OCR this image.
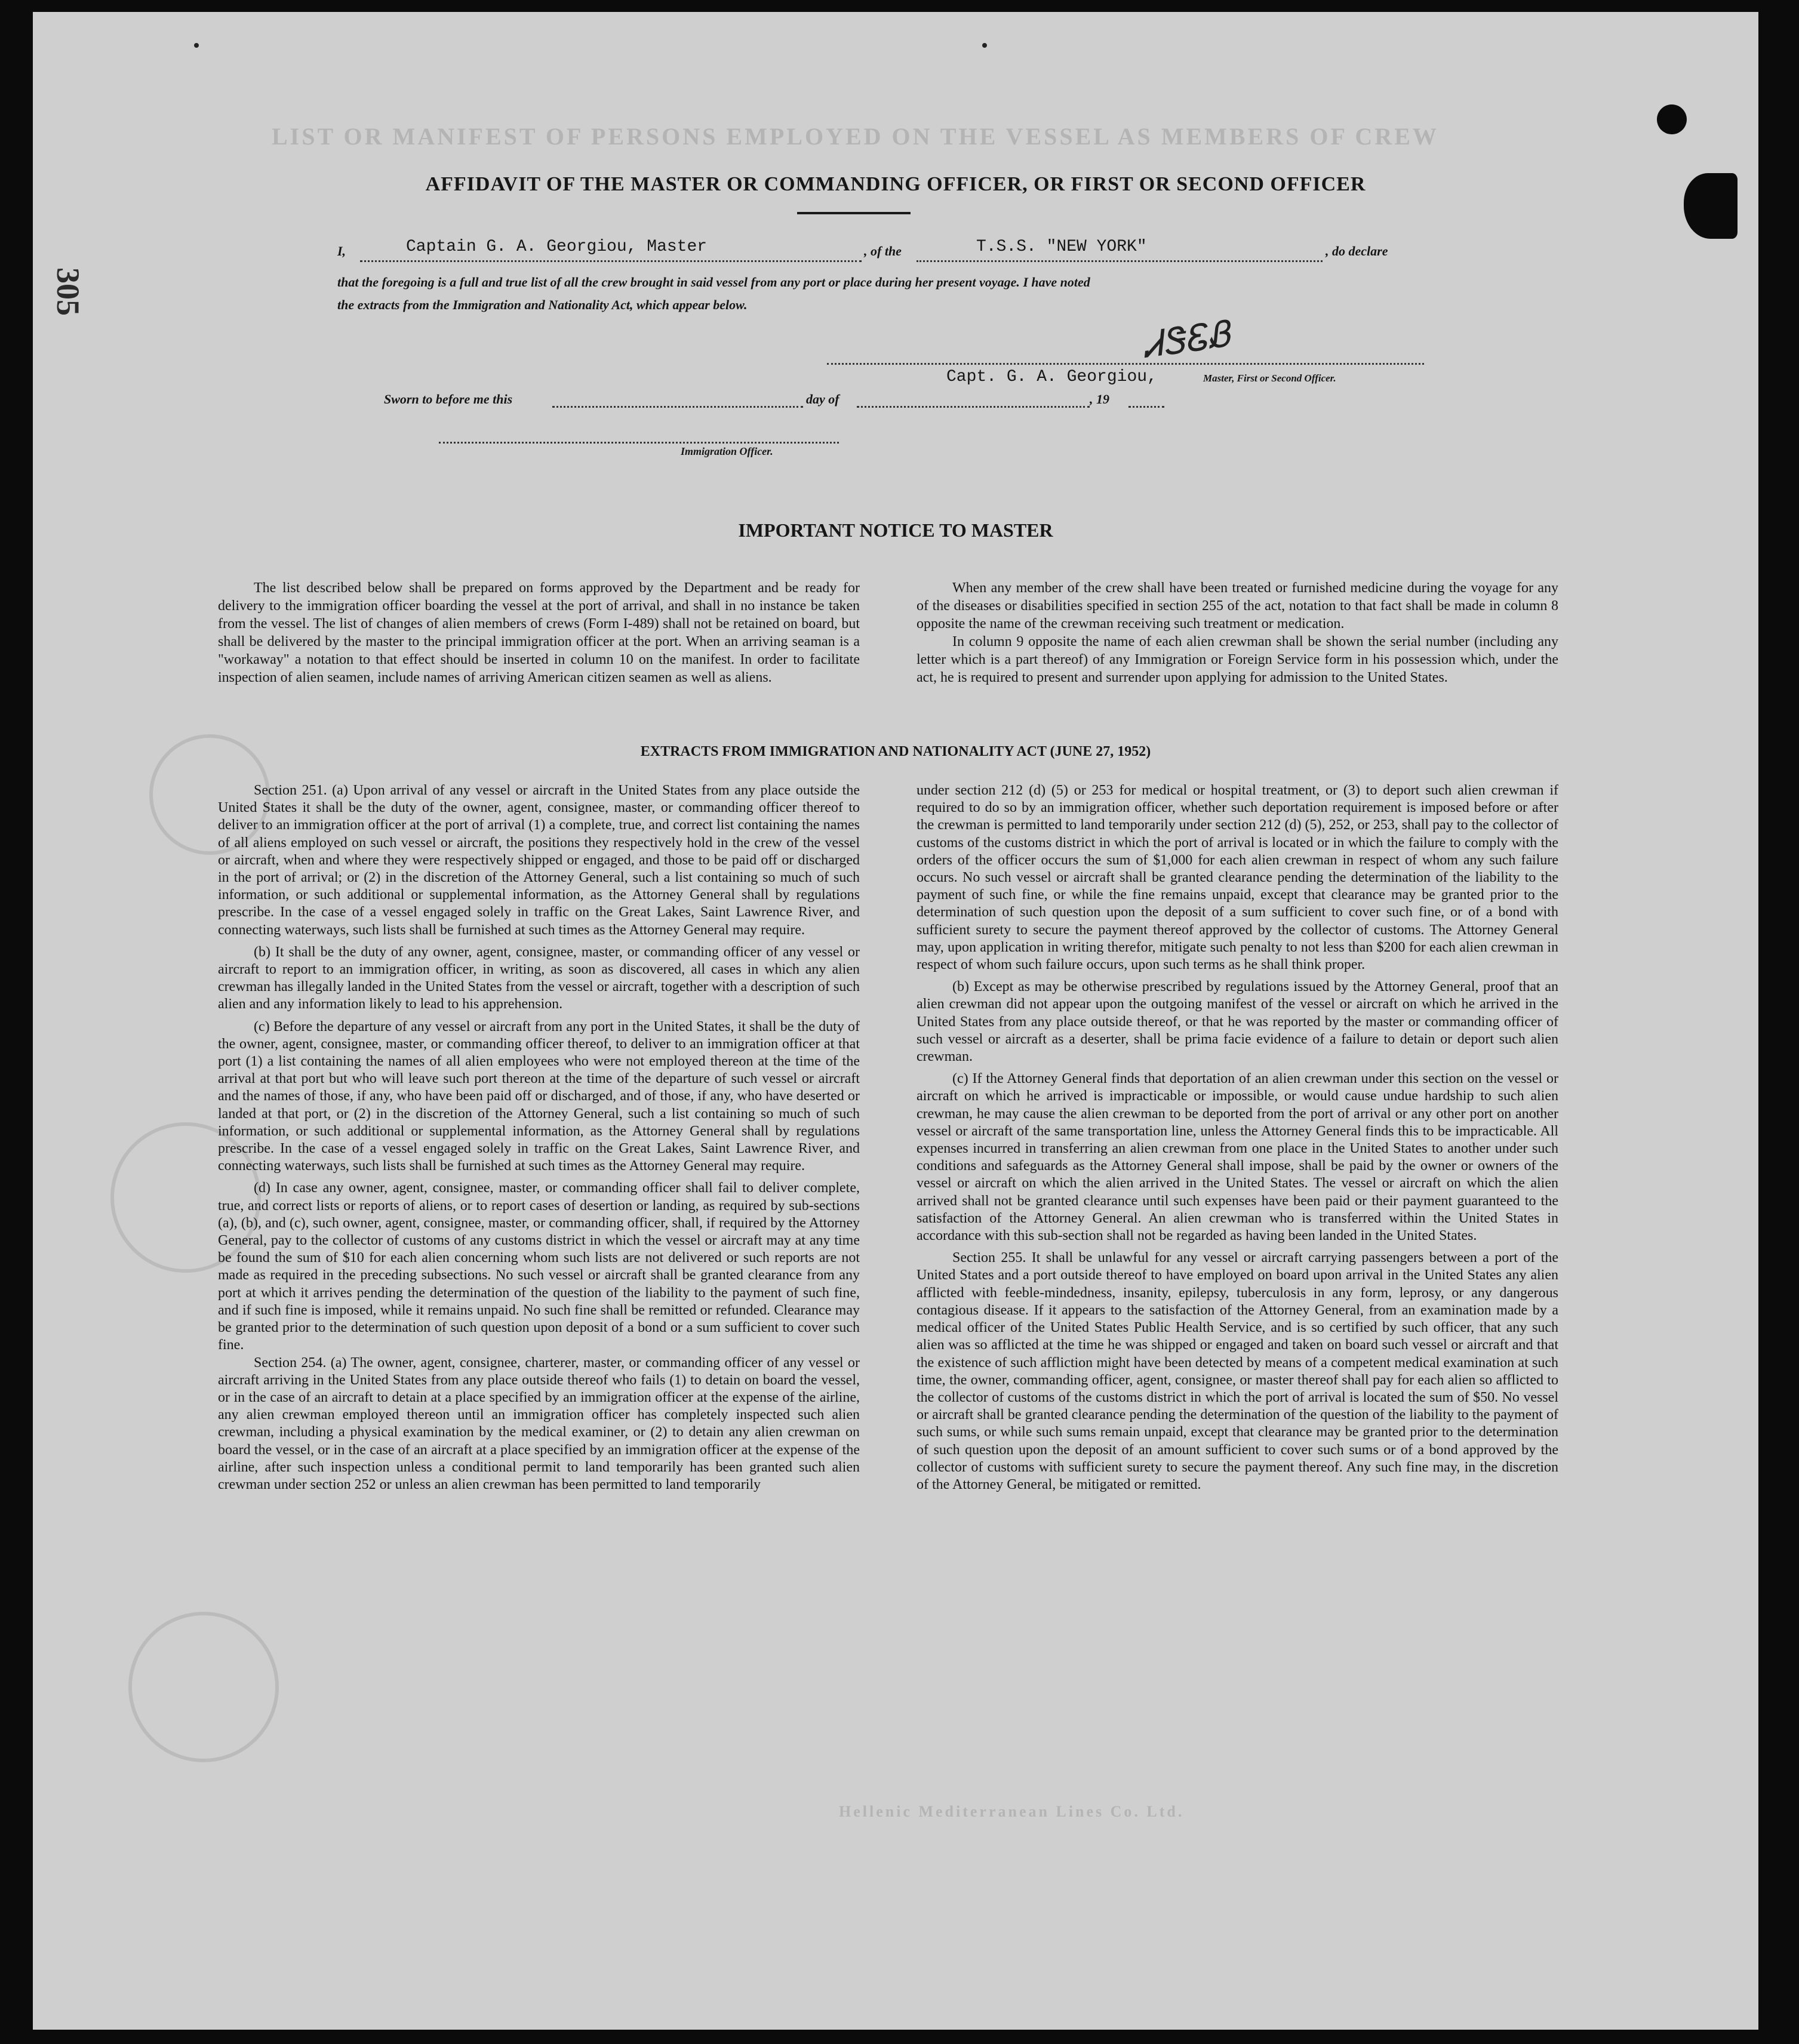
LIST OR MANIFEST OF PERSONS EMPLOYED ON THE VESSEL AS MEMBERS OF CREW
305
AFFIDAVIT OF THE MASTER OR COMMANDING OFFICER, OR FIRST OR SECOND OFFICER
I,	Captain G. A. Georgiou, Master	, of the	T.S.S. "NEW YORK"	, do declare
that the foregoing is a full and true list of all the crew brought in said vessel from any port or place during her present voyage. I have noted
the extracts from the Immigration and Nationality Act, which appear below.
ᏗᏕᏋᏰ
Capt. G. A. Georgiou,	Master, First or Second Officer.
Sworn to before me this	day of	, 19
Immigration Officer.
IMPORTANT NOTICE TO MASTER

The list described below shall be prepared on forms approved by the Department and be ready for delivery to the immigration officer boarding the vessel at the port of arrival, and shall in no instance be taken from the vessel. The list of changes of alien members of crews (Form I-489) shall not be retained on board, but shall be delivered by the master to the principal immigration officer at the port. When an arriving seaman is a "workaway" a notation to that effect should be inserted in column 10 on the manifest. In order to facilitate inspection of alien seamen, include names of arriving American citizen seamen as well as aliens.

When any member of the crew shall have been treated or furnished medicine during the voyage for any of the diseases or disabilities specified in section 255 of the act, notation to that fact shall be made in column 8 opposite the name of the crewman receiving such treatment or medication.

In column 9 opposite the name of each alien crewman shall be shown the serial number (including any letter which is a part thereof) of any Immigration or Foreign Service form in his possession which, under the act, he is required to present and surrender upon applying for admission to the United States.

EXTRACTS FROM IMMIGRATION AND NATIONALITY ACT (JUNE 27, 1952)

Section 251. (a) Upon arrival of any vessel or aircraft in the United States from any place outside the United States it shall be the duty of the owner, agent, consignee, master, or commanding officer thereof to deliver to an immigration officer at the port of arrival (1) a complete, true, and correct list containing the names of all aliens employed on such vessel or aircraft, the positions they respectively hold in the crew of the vessel or aircraft, when and where they were respectively shipped or engaged, and those to be paid off or discharged in the port of arrival; or (2) in the discretion of the Attorney General, such a list containing so much of such information, or such additional or supplemental information, as the Attorney General shall by regulations prescribe. In the case of a vessel engaged solely in traffic on the Great Lakes, Saint Lawrence River, and connecting waterways, such lists shall be furnished at such times as the Attorney General may require.

(b) It shall be the duty of any owner, agent, consignee, master, or commanding officer of any vessel or aircraft to report to an immigration officer, in writing, as soon as discovered, all cases in which any alien crewman has illegally landed in the United States from the vessel or aircraft, together with a description of such alien and any information likely to lead to his apprehension.

(c) Before the departure of any vessel or aircraft from any port in the United States, it shall be the duty of the owner, agent, consignee, master, or commanding officer thereof, to deliver to an immigration officer at that port (1) a list containing the names of all alien employees who were not employed thereon at the time of the arrival at that port but who will leave such port thereon at the time of the departure of such vessel or aircraft and the names of those, if any, who have been paid off or discharged, and of those, if any, who have deserted or landed at that port, or (2) in the discretion of the Attorney General, such a list containing so much of such information, or such additional or supplemental information, as the Attorney General shall by regulations prescribe. In the case of a vessel engaged solely in traffic on the Great Lakes, Saint Lawrence River, and connecting waterways, such lists shall be furnished at such times as the Attorney General may require.

(d) In case any owner, agent, consignee, master, or commanding officer shall fail to deliver complete, true, and correct lists or reports of aliens, or to report cases of desertion or landing, as required by sub-sections (a), (b), and (c), such owner, agent, consignee, master, or commanding officer, shall, if required by the Attorney General, pay to the collector of customs of any customs district in which the vessel or aircraft may at any time be found the sum of $10 for each alien concerning whom such lists are not delivered or such reports are not made as required in the preceding subsections. No such vessel or aircraft shall be granted clearance from any port at which it arrives pending the determination of the question of the liability to the payment of such fine, and if such fine is imposed, while it remains unpaid. No such fine shall be remitted or refunded. Clearance may be granted prior to the determination of such question upon deposit of a bond or a sum sufficient to cover such fine.

Section 254. (a) The owner, agent, consignee, charterer, master, or commanding officer of any vessel or aircraft arriving in the United States from any place outside thereof who fails (1) to detain on board the vessel, or in the case of an aircraft to detain at a place specified by an immigration officer at the expense of the airline, any alien crewman employed thereon until an immigration officer has completely inspected such alien crewman, including a physical examination by the medical examiner, or (2) to detain any alien crewman on board the vessel, or in the case of an aircraft at a place specified by an immigration officer at the expense of the airline, after such inspection unless a conditional permit to land temporarily has been granted such alien crewman under section 252 or unless an alien crewman has been permitted to land temporarily

under section 212 (d) (5) or 253 for medical or hospital treatment, or (3) to deport such alien crewman if required to do so by an immigration officer, whether such deportation requirement is imposed before or after the crewman is permitted to land temporarily under section 212 (d) (5), 252, or 253, shall pay to the collector of customs of the customs district in which the port of arrival is located or in which the failure to comply with the orders of the officer occurs the sum of $1,000 for each alien crewman in respect of whom any such failure occurs. No such vessel or aircraft shall be granted clearance pending the determination of the liability to the payment of such fine, or while the fine remains unpaid, except that clearance may be granted prior to the determination of such question upon the deposit of a sum sufficient to cover such fine, or of a bond with sufficient surety to secure the payment thereof approved by the collector of customs. The Attorney General may, upon application in writing therefor, mitigate such penalty to not less than $200 for each alien crewman in respect of whom such failure occurs, upon such terms as he shall think proper.

(b) Except as may be otherwise prescribed by regulations issued by the Attorney General, proof that an alien crewman did not appear upon the outgoing manifest of the vessel or aircraft on which he arrived in the United States from any place outside thereof, or that he was reported by the master or commanding officer of such vessel or aircraft as a deserter, shall be prima facie evidence of a failure to detain or deport such alien crewman.

(c) If the Attorney General finds that deportation of an alien crewman under this section on the vessel or aircraft on which he arrived is impracticable or impossible, or would cause undue hardship to such alien crewman, he may cause the alien crewman to be deported from the port of arrival or any other port on another vessel or aircraft of the same transportation line, unless the Attorney General finds this to be impracticable. All expenses incurred in transferring an alien crewman from one place in the United States to another under such conditions and safeguards as the Attorney General shall impose, shall be paid by the owner or owners of the vessel or aircraft on which the alien arrived in the United States. The vessel or aircraft on which the alien arrived shall not be granted clearance until such expenses have been paid or their payment guaranteed to the satisfaction of the Attorney General. An alien crewman who is transferred within the United States in accordance with this sub-section shall not be regarded as having been landed in the United States.

Section 255. It shall be unlawful for any vessel or aircraft carrying passengers between a port of the United States and a port outside thereof to have employed on board upon arrival in the United States any alien afflicted with feeble-mindedness, insanity, epilepsy, tuberculosis in any form, leprosy, or any dangerous contagious disease. If it appears to the satisfaction of the Attorney General, from an examination made by a medical officer of the United States Public Health Service, and is so certified by such officer, that any such alien was so afflicted at the time he was shipped or engaged and taken on board such vessel or aircraft and that the existence of such affliction might have been detected by means of a competent medical examination at such time, the owner, commanding officer, agent, consignee, or master thereof shall pay for each alien so afflicted to the collector of customs of the customs district in which the port of arrival is located the sum of $50. No vessel or aircraft shall be granted clearance pending the determination of the question of the liability to the payment of such sums, or while such sums remain unpaid, except that clearance may be granted prior to the determination of such question upon the deposit of an amount sufficient to cover such sums or of a bond approved by the collector of customs with sufficient surety to secure the payment thereof. Any such fine may, in the discretion of the Attorney General, be mitigated or remitted.

Hellenic Mediterranean Lines Co. Ltd.
